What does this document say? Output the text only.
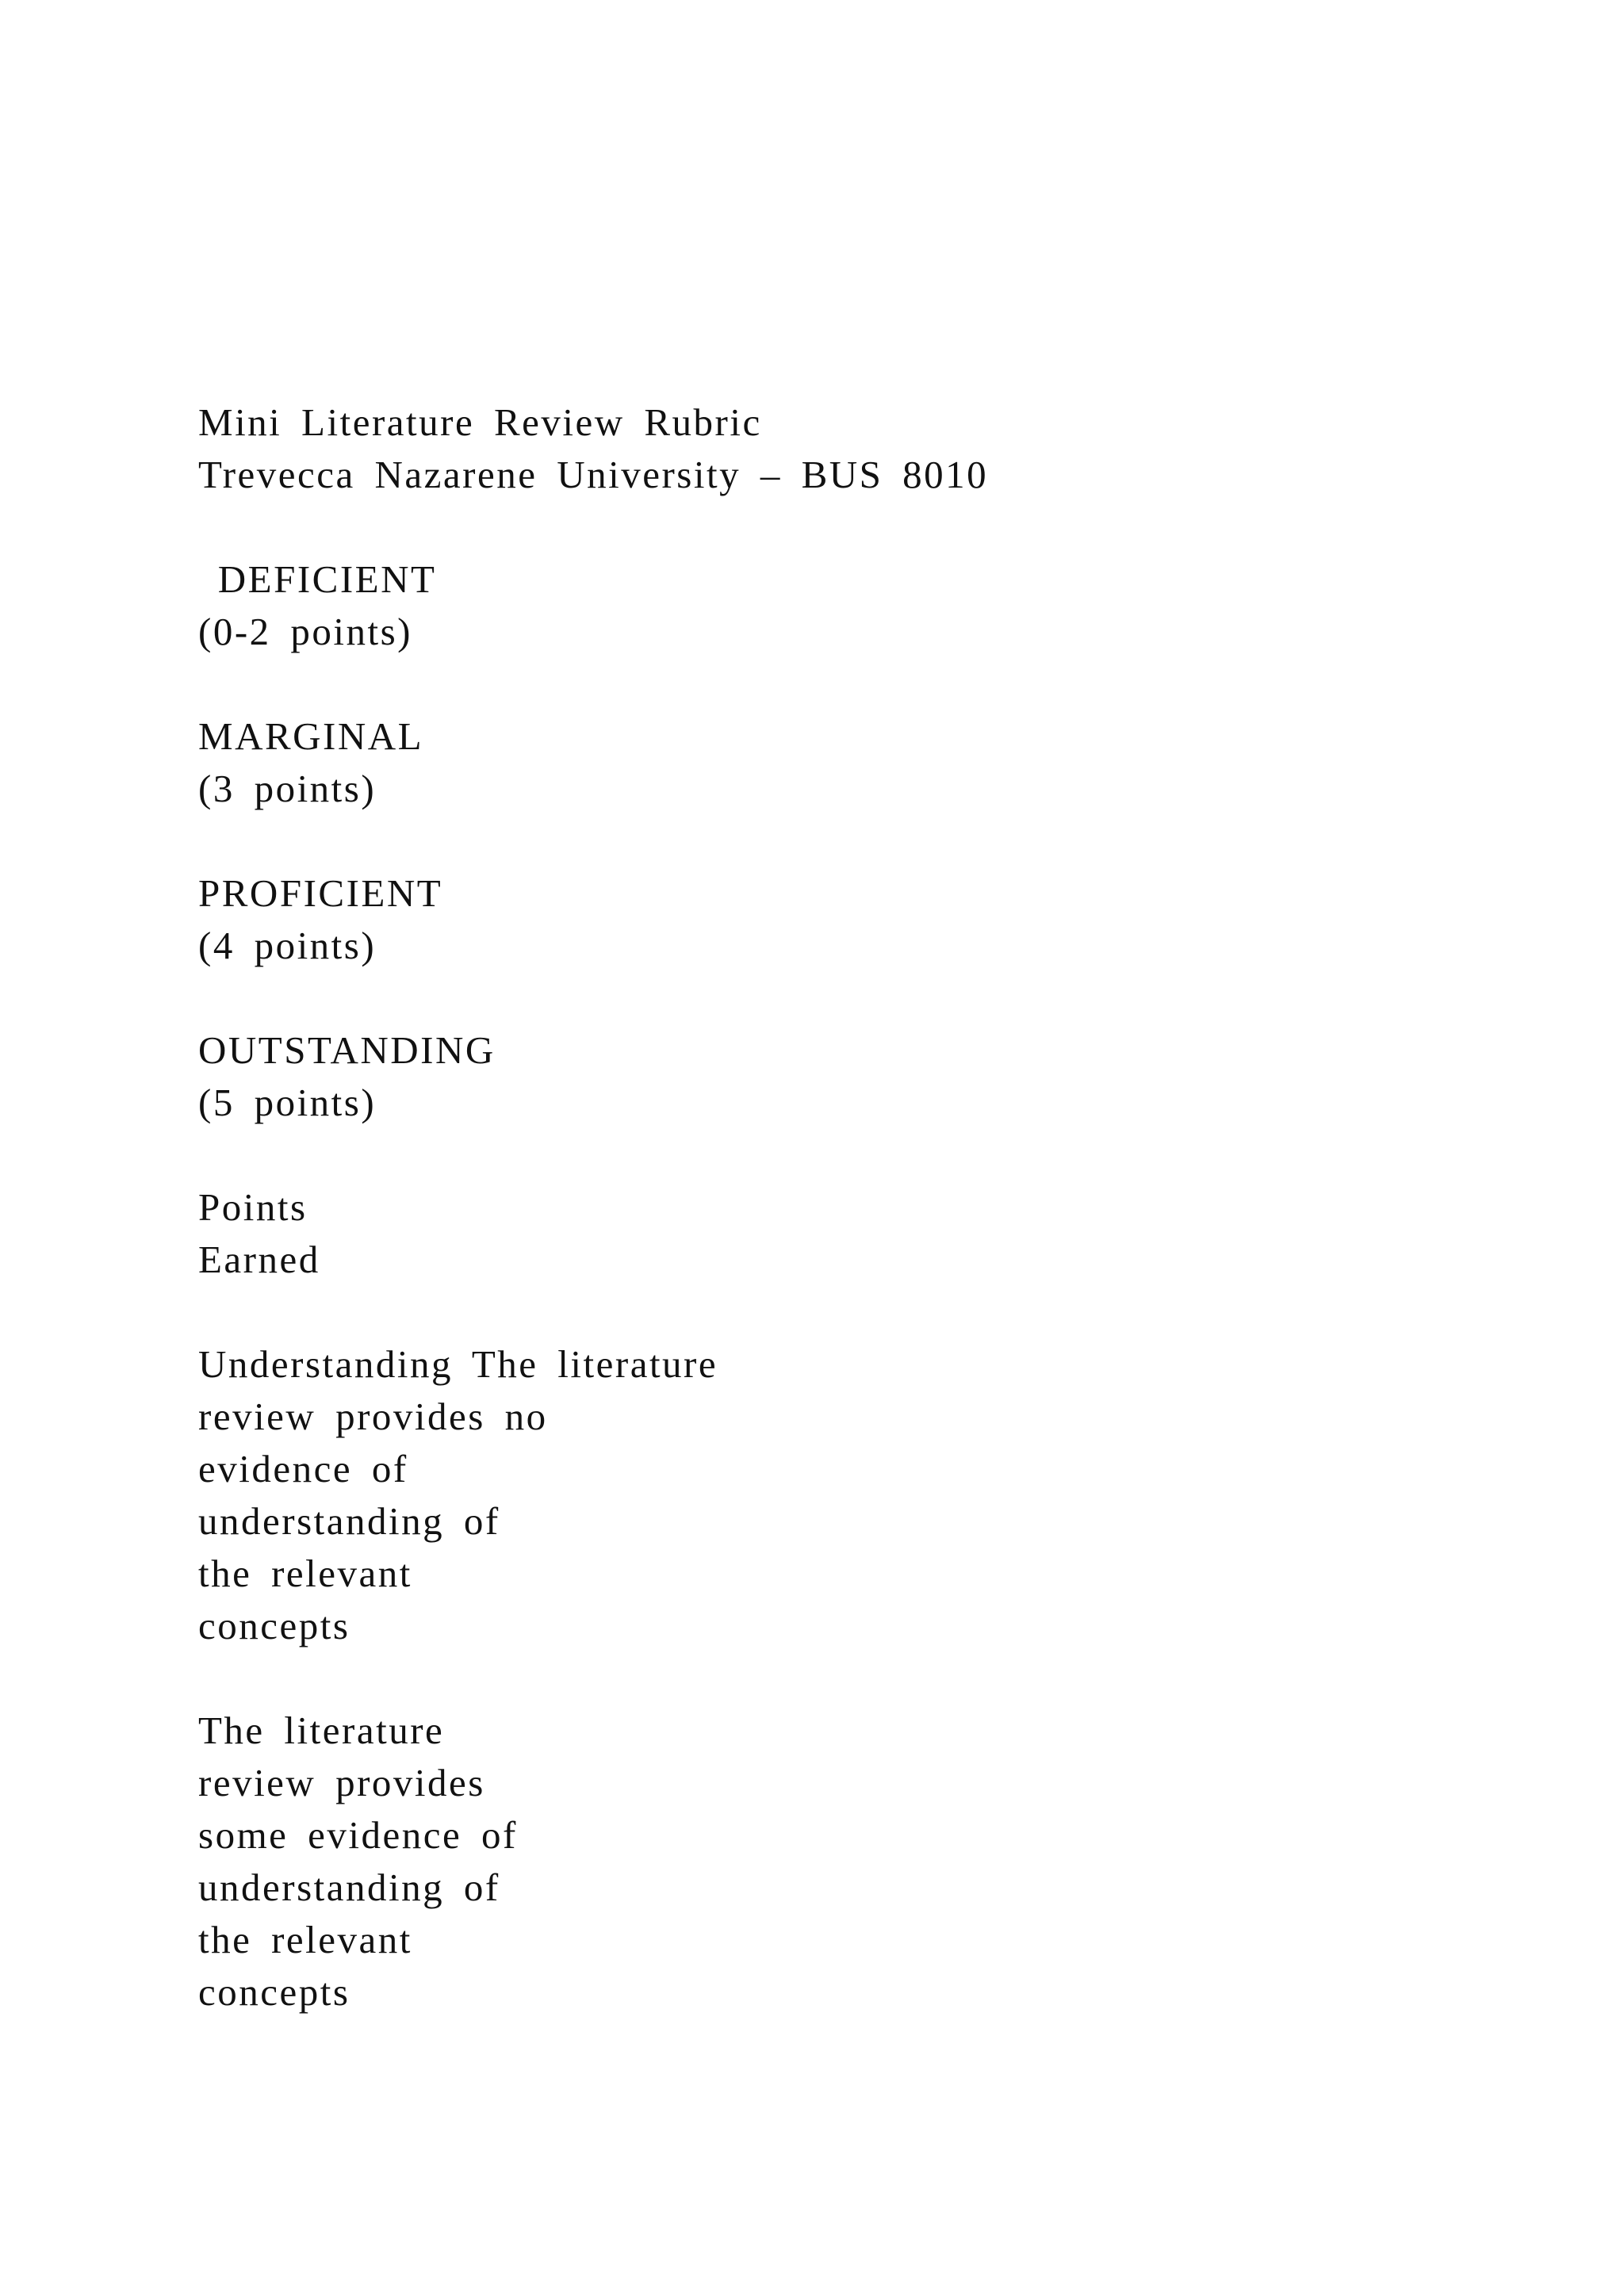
Mini Literature Review Rubric
Trevecca Nazarene University – BUS 8010
DEFICIENT
(0-2 points)
MARGINAL
(3 points)
PROFICIENT
(4 points)
OUTSTANDING
(5 points)
Points
Earned
Understanding The literature
review provides no
evidence of
understanding of
the relevant
concepts
The literature
review provides
some evidence of
understanding of
the relevant
concepts
